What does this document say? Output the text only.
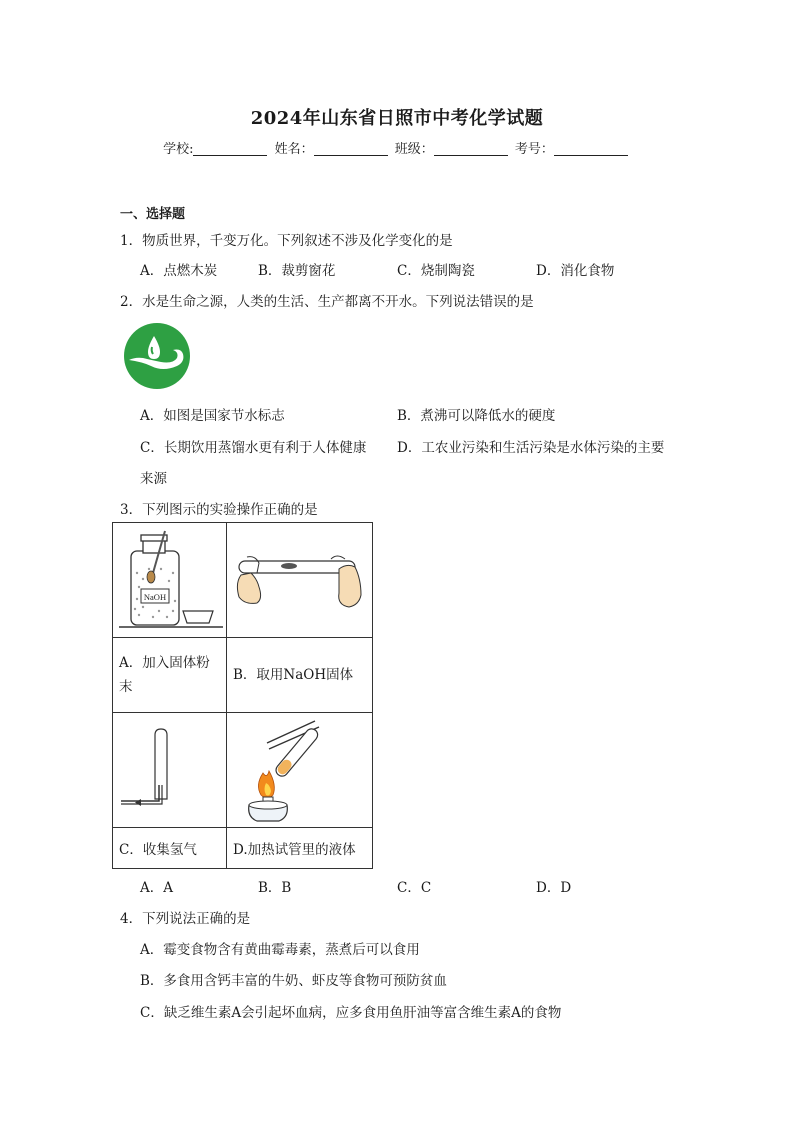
2024年山东省日照市中考化学试题
学校:	姓名：	班级：	考号：
一、选择题
1．物质世界，千变万化。下列叙述不涉及化学变化的是
A．点燃木炭	B．裁剪窗花	C．烧制陶瓷	D．消化食物
2．水是生命之源，人类的生活、生产都离不开水。下列说法错误的是
A．如图是国家节水标志	B．煮沸可以降低水的硬度
C．长期饮用蒸馏水更有利于人体健康 D．工农业污染和生活污染是水体污染的主要
来源
3．下列图示的实验操作正确的是
NaOH

A．加入固体粉
末	B．取用NaOH固体

C．收集氢气	D.加热试管里的液体
A．A	B．B	C．C	D．D
4．下列说法正确的是
A．霉变食物含有黄曲霉毒素，蒸煮后可以食用
B．多食用含钙丰富的牛奶、虾皮等食物可预防贫血
C．缺乏维生素A会引起坏血病，应多食用鱼肝油等富含维生素A的食物
